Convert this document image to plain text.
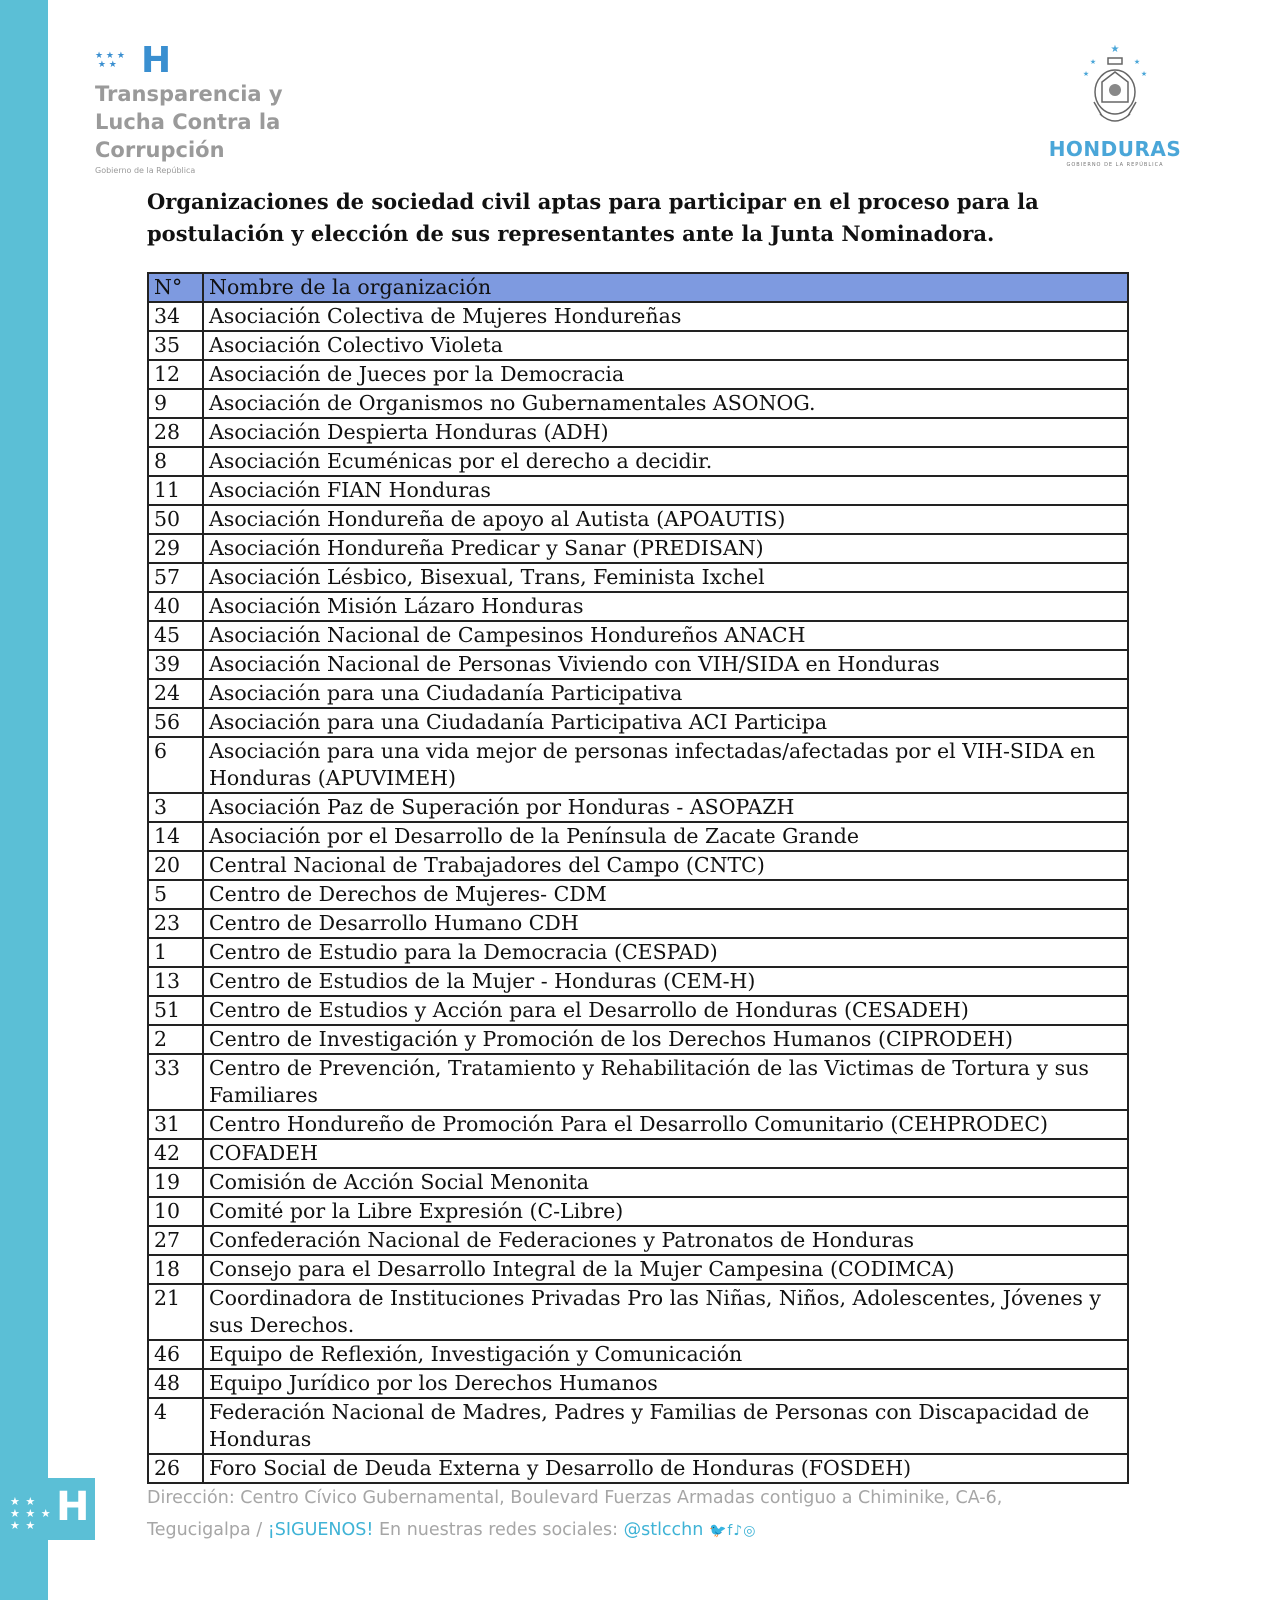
★ ★
★ ★ ★
★ ★ H
★ ★ ★
★ ★ H
Transparencia y
Lucha Contra la
Corrupción
Gobierno de la República
★
★	★
★	★
HONDURAS
GOBIERNO DE LA REPÚBLICA
Organizaciones de sociedad civil aptas para participar en el proceso para la
postulación y elección de sus representantes ante la Junta Nominadora.
N°	Nombre de la organización
34	Asociación Colectiva de Mujeres Hondureñas
35	Asociación Colectivo Violeta
12	Asociación de Jueces por la Democracia
9	Asociación de Organismos no Gubernamentales ASONOG.
28	Asociación Despierta Honduras (ADH)
8	Asociación Ecuménicas por el derecho a decidir.
11	Asociación FIAN Honduras
50	Asociación Hondureña de apoyo al Autista (APOAUTIS)
29	Asociación Hondureña Predicar y Sanar (PREDISAN)
57	Asociación Lésbico, Bisexual, Trans, Feminista Ixchel
40	Asociación Misión Lázaro Honduras
45	Asociación Nacional de Campesinos Hondureños ANACH
39	Asociación Nacional de Personas Viviendo con VIH/SIDA en Honduras
24	Asociación para una Ciudadanía Participativa
56	Asociación para una Ciudadanía Participativa ACI Participa
6	Asociación para una vida mejor de personas infectadas/afectadas por el VIH-SIDA en Honduras (APUVIMEH)
3	Asociación Paz de Superación por Honduras - ASOPAZH
14	Asociación por el Desarrollo de la Península de Zacate Grande
20	Central Nacional de Trabajadores del Campo (CNTC)
5	Centro de Derechos de Mujeres- CDM
23	Centro de Desarrollo Humano CDH
1	Centro de Estudio para la Democracia (CESPAD)
13	Centro de Estudios de la Mujer - Honduras (CEM-H)
51	Centro de Estudios y Acción para el Desarrollo de Honduras (CESADEH)
2	Centro de Investigación y Promoción de los Derechos Humanos (CIPRODEH)
33	Centro de Prevención, Tratamiento y Rehabilitación de las Victimas de Tortura y sus Familiares
31	Centro Hondureño de Promoción Para el Desarrollo Comunitario (CEHPRODEC)
42	COFADEH
19	Comisión de Acción Social Menonita
10	Comité por la Libre Expresión (C-Libre)
27	Confederación Nacional de Federaciones y Patronatos de Honduras
18	Consejo para el Desarrollo Integral de la Mujer Campesina (CODIMCA)
21	Coordinadora de Instituciones Privadas Pro las Niñas, Niños, Adolescentes, Jóvenes y sus Derechos.
46	Equipo de Reflexión, Investigación y Comunicación
48	Equipo Jurídico por los Derechos Humanos
4	Federación Nacional de Madres, Padres y Familias de Personas con Discapacidad de Honduras
26	Foro Social de Deuda Externa y Desarrollo de Honduras (FOSDEH)
Dirección: Centro Cívico Gubernamental, Boulevard Fuerzas Armadas contiguo a Chiminike, CA-6,
Tegucigalpa / ¡SIGUENOS! En nuestras redes sociales: @stlcchn 🐦f♪◎
